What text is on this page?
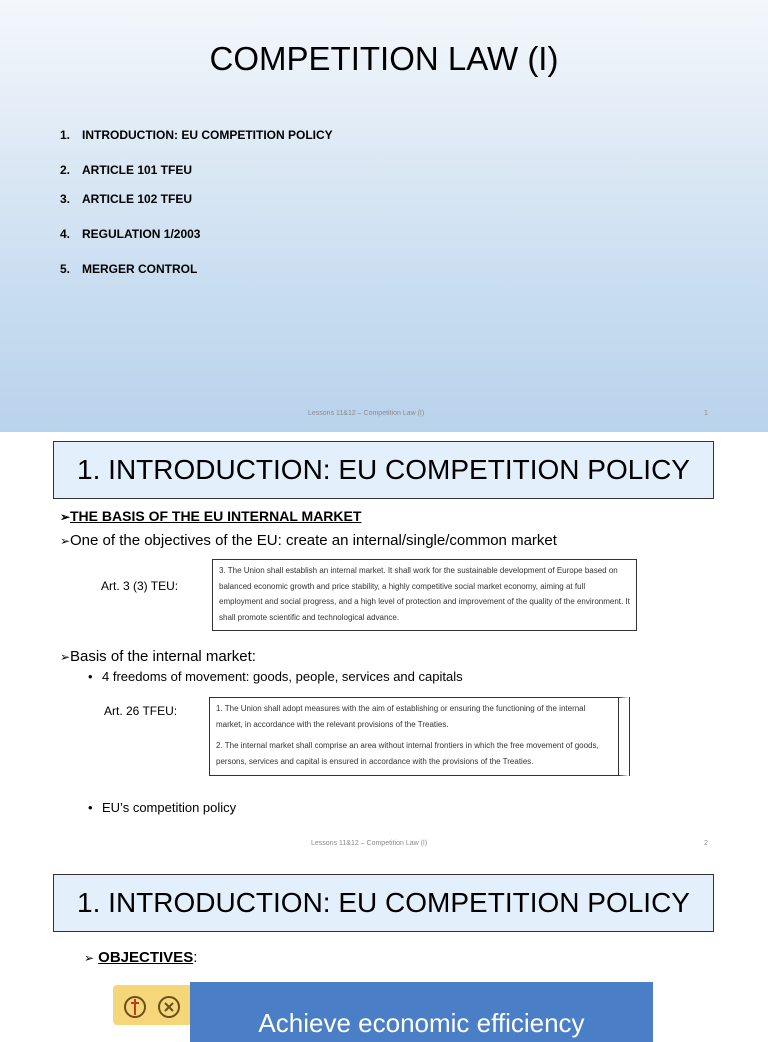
COMPETITION LAW (I)
1. INTRODUCTION: EU COMPETITION POLICY
2. ARTICLE 101 TFEU
3. ARTICLE 102 TFEU
4. REGULATION 1/2003
5. MERGER CONTROL
Lessons 11&12 – Competition Law (I)	1
1. INTRODUCTION: EU COMPETITION POLICY
➢THE BASIS OF THE EU INTERNAL MARKET
➢One of the objectives of the EU: create an internal/single/common market
Art. 3 (3) TEU:

3. The Union shall establish an internal market. It shall work for the sustainable development of Europe based on balanced economic growth and price stability, a highly competitive social market economy, aiming at full employment and social progress, and a high level of protection and improvement of the quality of the environment. It shall promote scientific and technological advance.

➢Basis of the internal market:
• 4 freedoms of movement: goods, people, services and capitals
Art. 26 TFEU:	1. The Union shall adopt measures with the aim of establishing or ensuring the functioning of the internal market, in accordance with the relevant provisions of the Treaties.

2. The internal market shall comprise an area without internal frontiers in which the free movement of goods, persons, services and capital is ensured in accordance with the provisions of the Treaties.

• EU’s competition policy
Lessons 11&12 – Competition Law (I)	2
1. INTRODUCTION: EU COMPETITION POLICY
➢ OBJECTIVES:
Achieve economic efficiency
